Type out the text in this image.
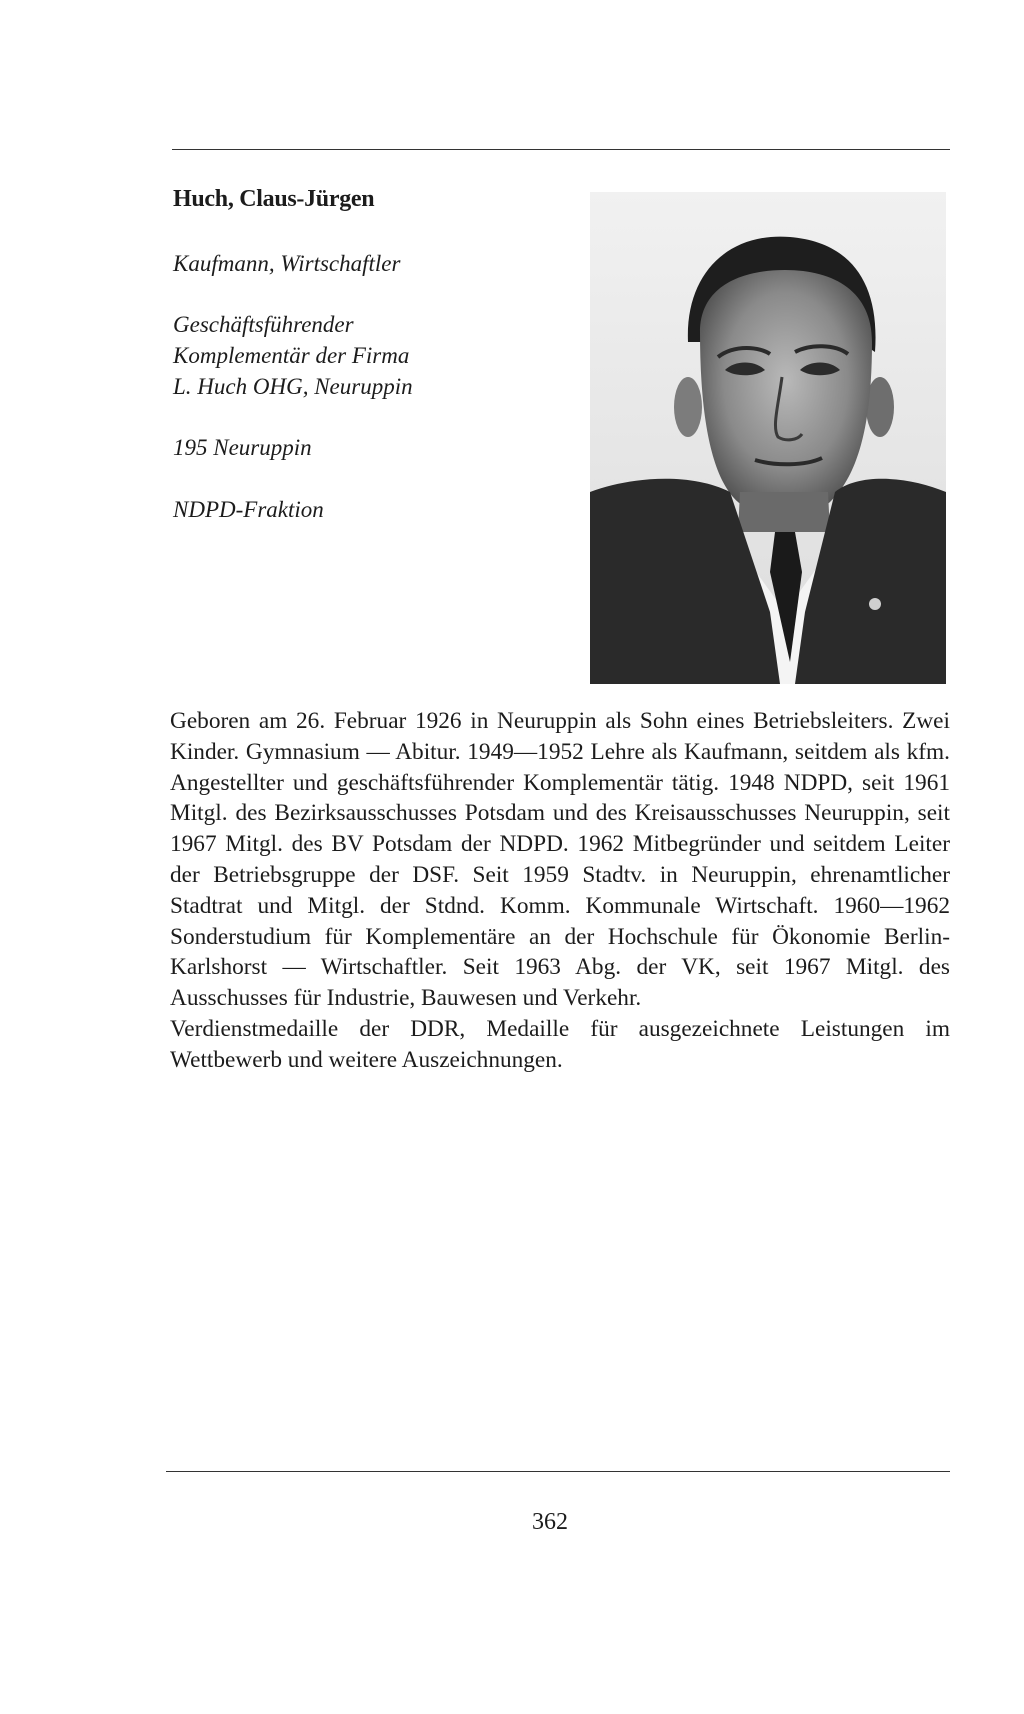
Huch, Claus-Jürgen
Kaufmann, Wirtschaftler
Geschäftsführender
Komplementär der Firma
L. Huch OHG, Neuruppin
195 Neuruppin
NDPD-Fraktion

Geboren am 26. Februar 1926 in Neuruppin als Sohn eines Betriebsleiters. Zwei Kinder. Gymnasium — Abitur. 1949—1952 Lehre als Kaufmann, seitdem als kfm. Angestellter und geschäftsführender Komplementär tätig. 1948 NDPD, seit 1961 Mitgl. des Bezirksausschusses Potsdam und des Kreisausschusses Neuruppin, seit 1967 Mitgl. des BV Potsdam der NDPD. 1962 Mitbegründer und seitdem Leiter der Betriebsgruppe der DSF. Seit 1959 Stadtv. in Neuruppin, ehrenamtlicher Stadtrat und Mitgl. der Stdnd. Komm. Kommunale Wirtschaft. 1960—1962 Sonderstudium für Komplementäre an der Hochschule für Ökonomie Berlin-Karlshorst — Wirtschaftler. Seit 1963 Abg. der VK, seit 1967 Mitgl. des Ausschusses für Industrie, Bauwesen und Verkehr.

Verdienstmedaille der DDR, Medaille für ausgezeichnete Leistungen im Wettbewerb und weitere Auszeichnungen.

362
